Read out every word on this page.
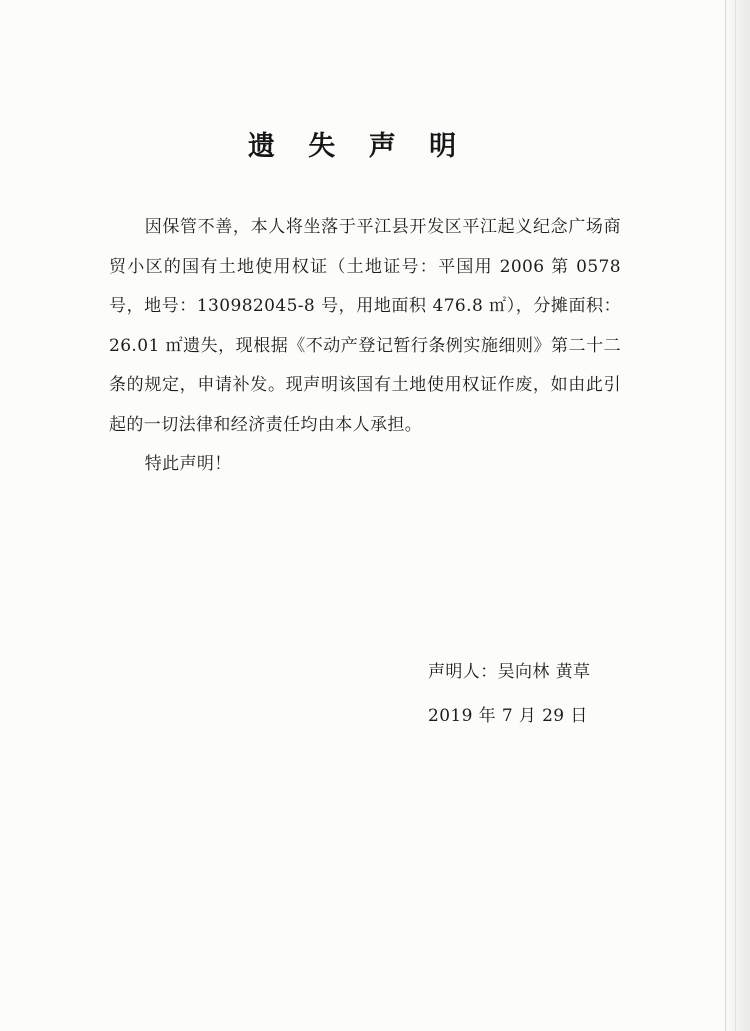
遗 失 声 明

因保管不善，本人将坐落于平江县开发区平江起义纪念广场商贸小区的国有土地使用权证（土地证号：平国用 2006 第 0578 号，地号：130982045-8 号，用地面积 476.8 ㎡），分摊面积：26.01 ㎡遗失，现根据《不动产登记暂行条例实施细则》第二十二条的规定，申请补发。现声明该国有土地使用权证作废，如由此引起的一切法律和经济责任均由本人承担。

特此声明！

声明人：吴向林 黄草
2019 年 7 月 29 日
